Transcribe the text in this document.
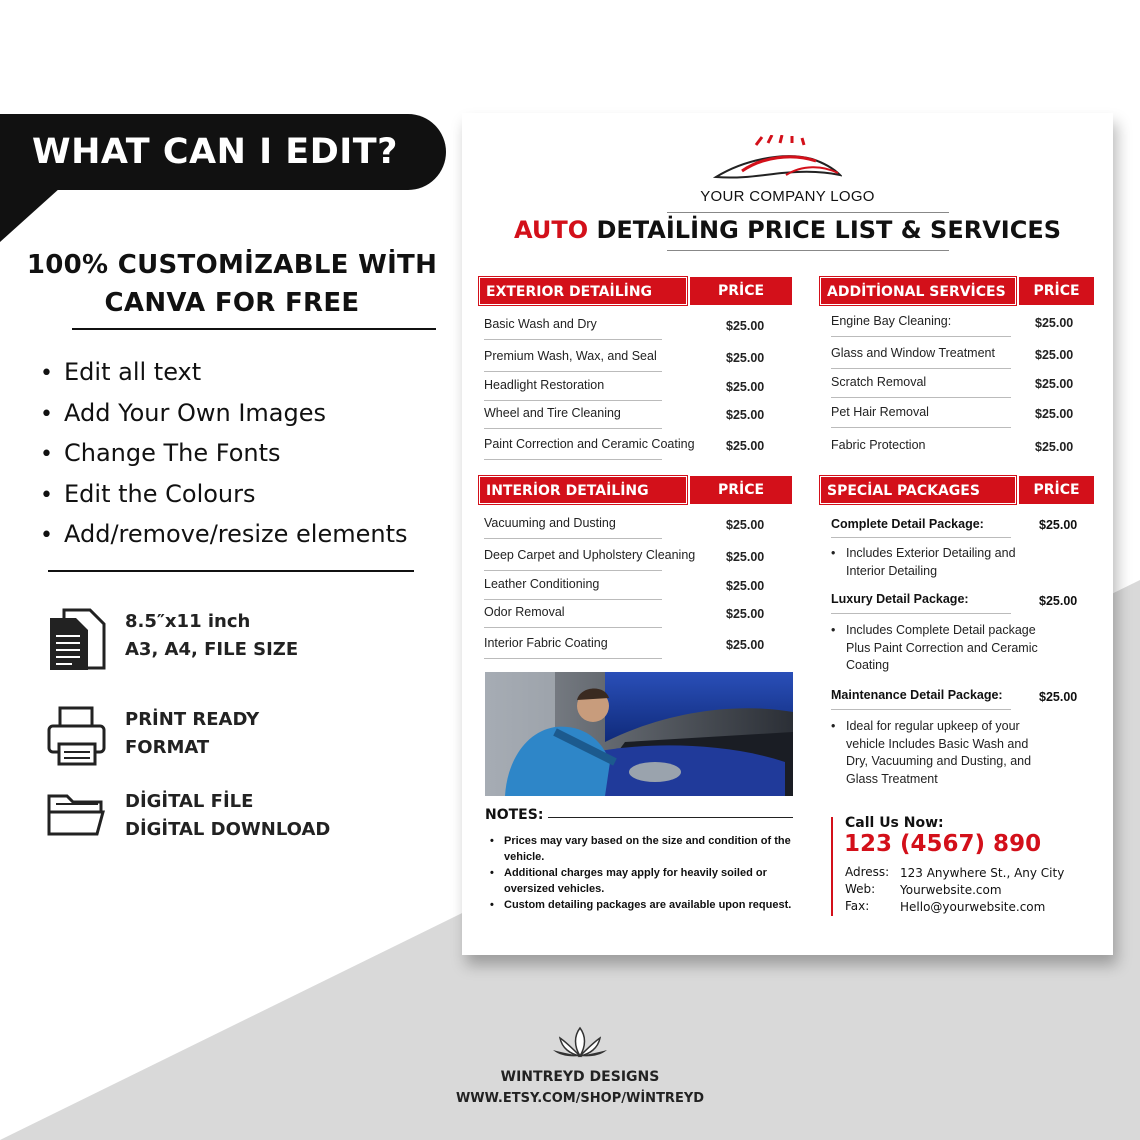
WHAT CAN I EDIT?
100% CUSTOMİZABLE WİTH
CANVA FOR FREE
• Edit all text
• Add Your Own Images
• Change The Fonts
• Edit the Colours
• Add/remove/resize elements
8.5″x11 inch
A3, A4, FILE SIZE
PRİNT READY
FORMAT
DİGİTAL FİLE
DİGİTAL DOWNLOAD
WINTREYD DESIGNS
WWW.ETSY.COM/SHOP/WİNTREYD
YOUR COMPANY LOGO
AUTO DETAİLİNG PRICE LIST & SERVICES
EXTERIOR DETAİLİNG	PRİCE
Basic Wash and Dry	$25.00
Premium Wash, Wax, and Seal	$25.00
Headlight Restoration	$25.00
Wheel and Tire Cleaning	$25.00
Paint Correction and Ceramic Coating	$25.00
INTERİOR DETAİLİNG	PRİCE
Vacuuming and Dusting	$25.00
Deep Carpet and Upholstery Cleaning $25.00
Leather Conditioning	$25.00
Odor Removal	$25.00
Interior Fabric Coating	$25.00
NOTES:
• Prices may vary based on the size and condition of the vehicle.
• Additional charges may apply for heavily soiled or oversized vehicles.
• Custom detailing packages are available upon request.
ADDİTİONAL SERVİCES	PRİCE
Engine Bay Cleaning:	$25.00
Glass and Window Treatment	$25.00
Scratch Removal	$25.00
Pet Hair Removal	$25.00
Fabric Protection	$25.00
SPECİAL PACKAGES	PRİCE
Complete Detail Package:	$25.00
• Includes Exterior Detailing and Interior Detailing
Luxury Detail Package:	$25.00
• Includes Complete Detail package Plus Paint Correction and Ceramic Coating
Maintenance Detail Package:	$25.00
• Ideal for regular upkeep of your vehicle Includes Basic Wash and Dry, Vacuuming and Dusting, and Glass Treatment
Call Us Now:
123 (4567) 890
Adress: 123 Anywhere St., Any City
Web: Yourwebsite.com
Fax:	Hello@yourwebsite.com
